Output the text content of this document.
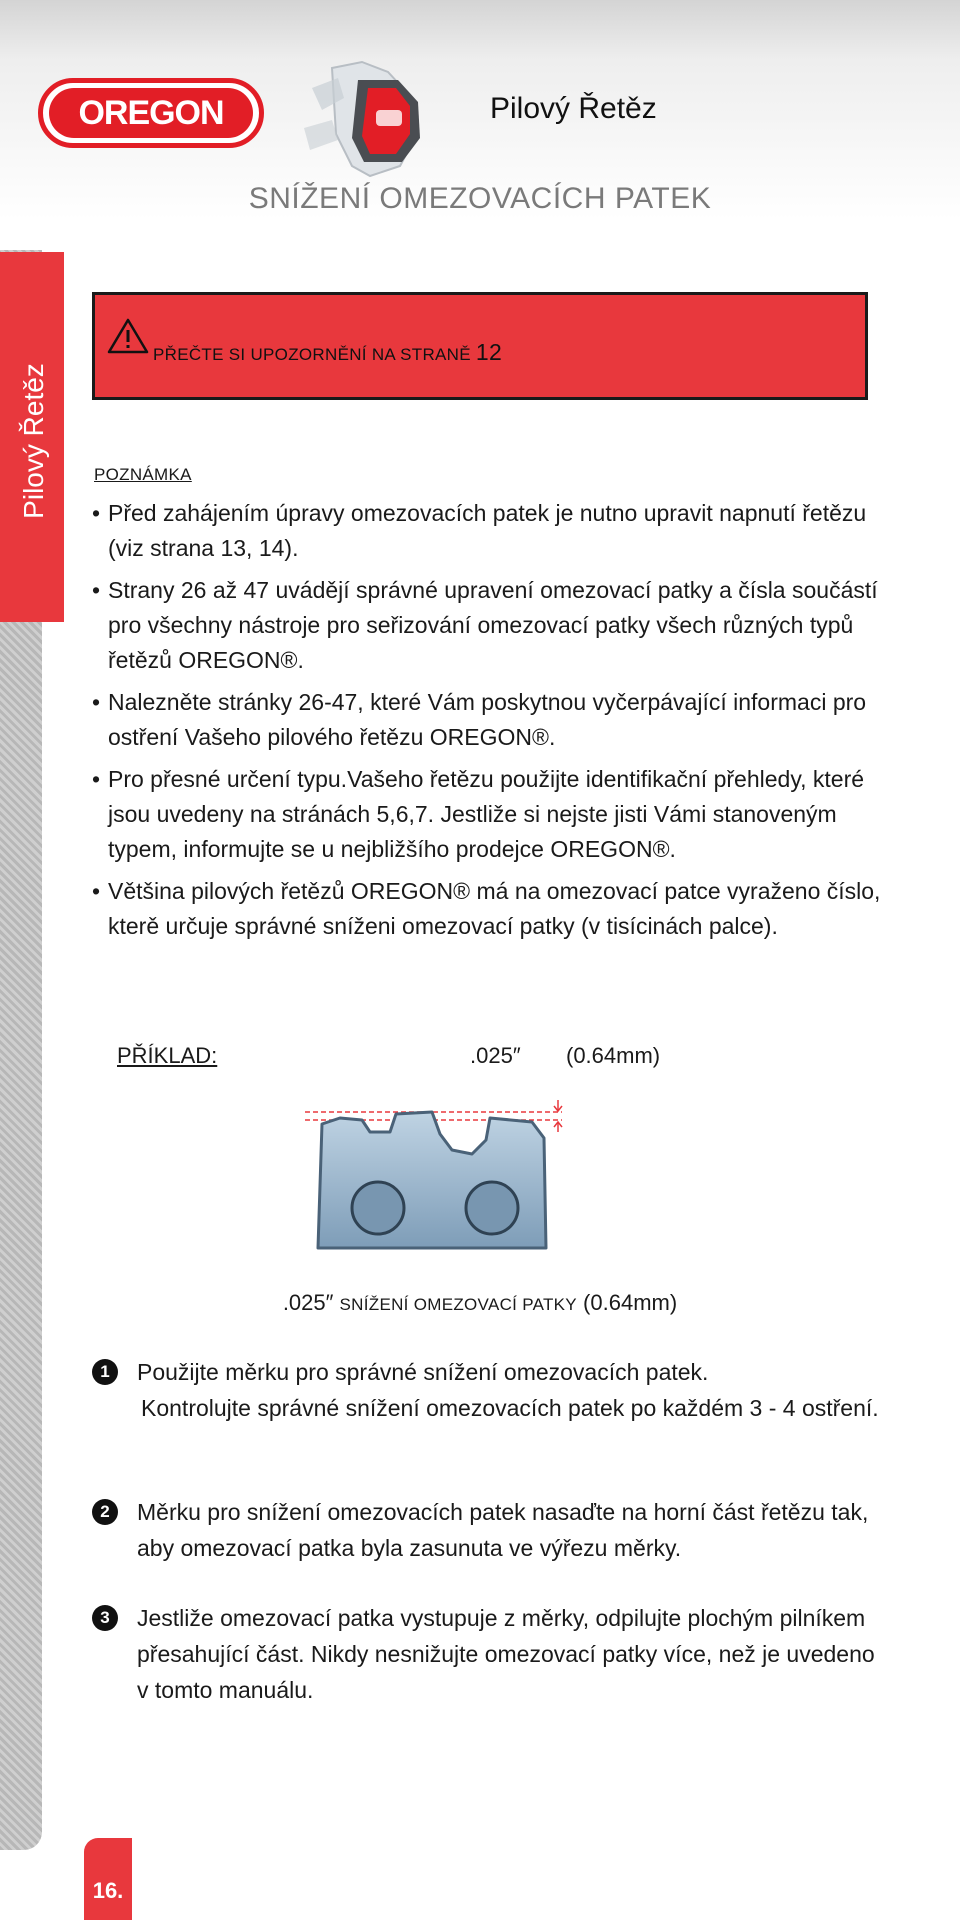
Pilový Řetěz
OREGON	Pilový Řetěz
SNÍŽENÍ OMEZOVACÍCH PATEK
PŘEČTE SI UPOZORNĚNÍ NA STRANĚ 12
POZNÁMKA
• Před zahájením úpravy omezovacích patek je nutno upravit napnutí řetězu (viz strana 13, 14).
• Strany 26 až 47 uvádějí správné upravení omezovací patky a čísla součástí pro všechny nástroje pro seřizování omezovací patky všech různých typů řetězů OREGON®.
• Nalezněte stránky 26-47, které Vám poskytnou vyčerpávající informaci pro ostření Vašeho pilového řetězu OREGON®.
• Pro přesné určení typu.Vašeho řetězu použijte identifikační přehledy, které jsou uvedeny na stránách 5,6,7. Jestliže si nejste jisti Vámi stanoveným typem, informujte se u nejbližšího prodejce OREGON®.
• Většina pilových řetězů OREGON® má na omezovací patce vyraženo číslo, kterě určuje správné sníženi omezovací patky (v tisícinách palce).
PŘÍKLAD:	.025″ (0.64mm)
.025″ SNÍŽENÍ OMEZOVACÍ PATKY (0.64mm)
1	Použijte měrku pro správné snížení omezovacích patek.
Kontrolujte správné snížení omezovacích patek po každém 3 - 4 ostření.
2	Měrku pro snížení omezovacích patek nasaďte na horní část řetězu tak, aby omezovací patka byla zasunuta ve výřezu měrky.
3	Jestliže omezovací patka vystupuje z měrky, odpilujte plochým pilníkem přesahující část. Nikdy nesnižujte omezovací patky více, než je uvedeno v tomto manuálu.
16.
